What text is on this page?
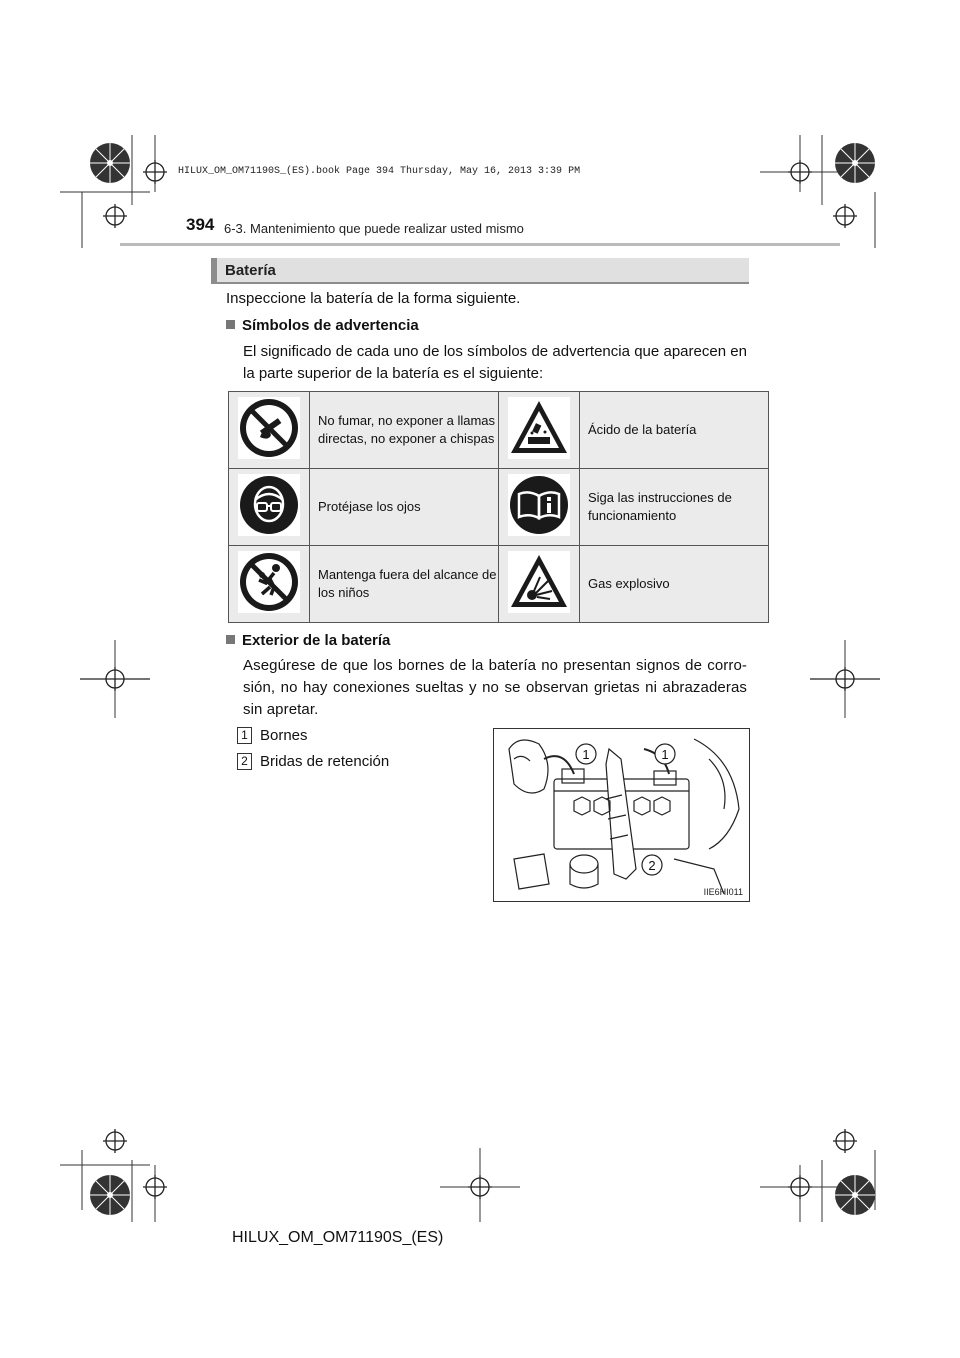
HILUX_OM_OM71190S_(ES).book Page 394 Thursday, May 16, 2013 3:39 PM
394 6-3. Mantenimiento que puede realizar usted mismo
Batería
Inspeccione la batería de la forma siguiente.
Símbolos de advertencia
El significado de cada uno de los símbolos de advertencia que aparecen en la parte superior de la batería es el siguiente:
	No fumar, no exponer a llamas directas, no exponer a chispas		Ácido de la batería

	Protéjase los ojos		Siga las instrucciones de funcionamiento

	Mantenga fuera del alcance de los niños		Gas explosivo
Exterior de la batería
Asegúrese de que los bornes de la batería no presentan signos de corro-sión, no hay conexiones sueltas y no se observan grietas ni abrazaderas sin apretar.
1 Bornes
2 Bridas de retención	1	1
2
IIE6HI011
HILUX_OM_OM71190S_(ES)
